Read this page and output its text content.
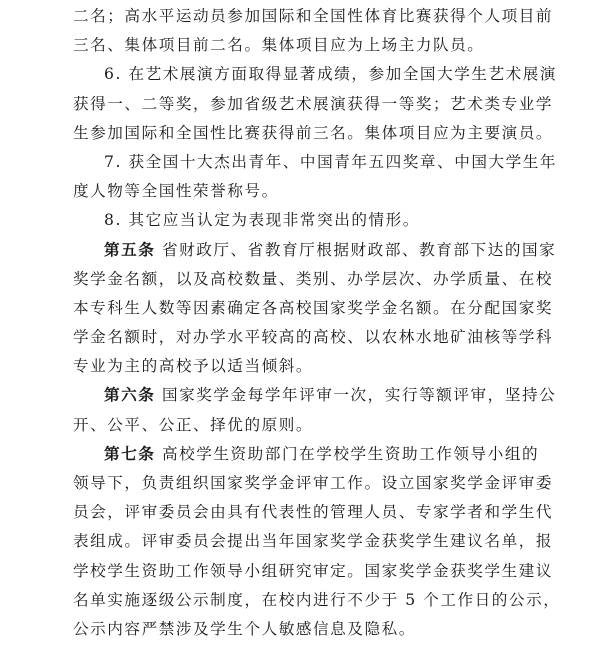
二名；高水平运动员参加国际和全国性体育比赛获得个人项目前
三名、集体项目前二名。集体项目应为上场主力队员。
6. 在艺术展演方面取得显著成绩，参加全国大学生艺术展演
获得一、二等奖，参加省级艺术展演获得一等奖；艺术类专业学
生参加国际和全国性比赛获得前三名。集体项目应为主要演员。
7. 获全国十大杰出青年、中国青年五四奖章、中国大学生年
度人物等全国性荣誉称号。
8. 其它应当认定为表现非常突出的情形。
第五条 省财政厅、省教育厅根据财政部、教育部下达的国家
奖学金名额，以及高校数量、类别、办学层次、办学质量、在校
本专科生人数等因素确定各高校国家奖学金名额。在分配国家奖
学金名额时，对办学水平较高的高校、以农林水地矿油核等学科
专业为主的高校予以适当倾斜。
第六条 国家奖学金每学年评审一次，实行等额评审，坚持公
开、公平、公正、择优的原则。
第七条 高校学生资助部门在学校学生资助工作领导小组的
领导下，负责组织国家奖学金评审工作。设立国家奖学金评审委
员会，评审委员会由具有代表性的管理人员、专家学者和学生代
表组成。评审委员会提出当年国家奖学金获奖学生建议名单，报
学校学生资助工作领导小组研究审定。国家奖学金获奖学生建议
名单实施逐级公示制度，在校内进行不少于 5 个工作日的公示，
公示内容严禁涉及学生个人敏感信息及隐私。
